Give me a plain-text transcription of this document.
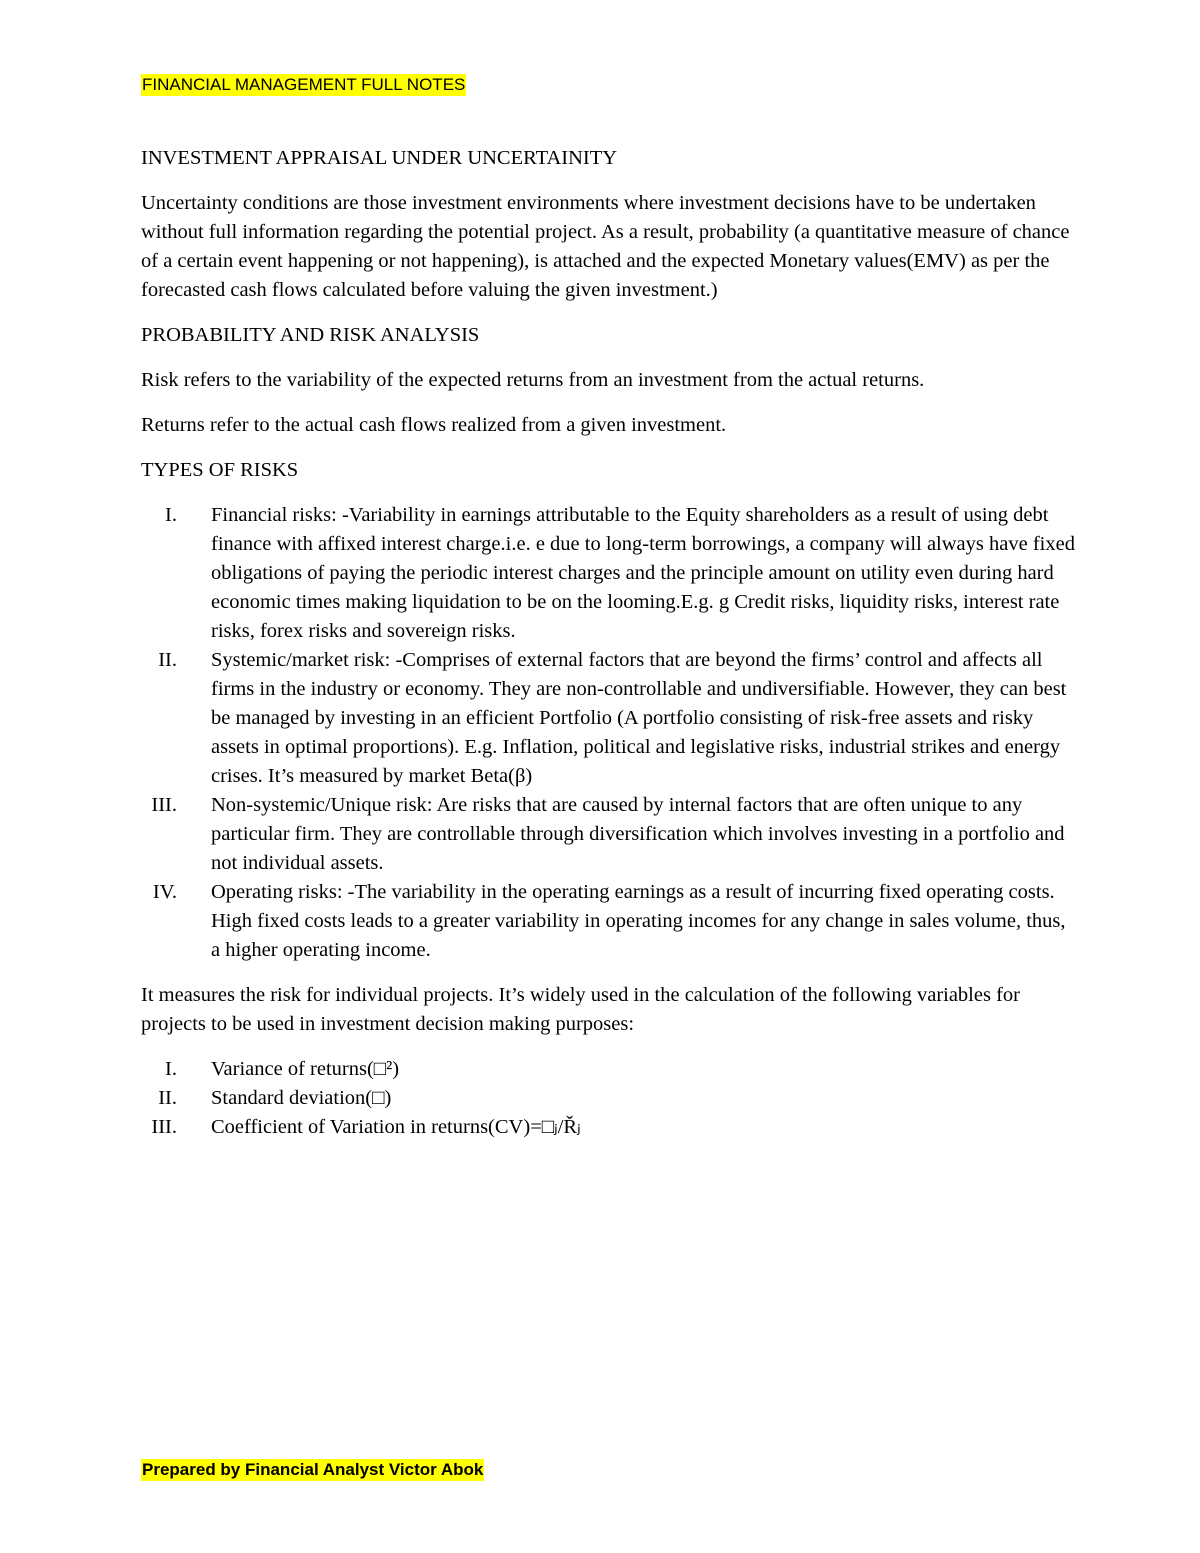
FINANCIAL MANAGEMENT FULL NOTES
INVESTMENT APPRAISAL UNDER UNCERTAINITY
Uncertainty conditions are those investment environments where investment decisions have to be undertaken without full information regarding the potential project. As a result, probability (a quantitative measure of chance of a certain event happening or not happening), is attached and the expected Monetary values(EMV) as per the forecasted cash flows calculated before valuing the given investment.)
PROBABILITY AND RISK ANALYSIS
Risk refers to the variability of the expected returns from an investment from the actual returns.
Returns refer to the actual cash flows realized from a given investment.
TYPES OF RISKS
I. Financial risks: -Variability in earnings attributable to the Equity shareholders as a result of using debt finance with affixed interest charge.i.e. e due to long-term borrowings, a company will always have fixed obligations of paying the periodic interest charges and the principle amount on utility even during hard economic times making liquidation to be on the looming.E.g. g Credit risks, liquidity risks, interest rate risks, forex risks and sovereign risks.
II. Systemic/market risk: -Comprises of external factors that are beyond the firms’ control and affects all firms in the industry or economy. They are non-controllable and undiversifiable. However, they can best be managed by investing in an efficient Portfolio (A portfolio consisting of risk-free assets and risky assets in optimal proportions). E.g. Inflation, political and legislative risks, industrial strikes and energy crises. It’s measured by market Beta(β)
III. Non-systemic/Unique risk: Are risks that are caused by internal factors that are often unique to any particular firm. They are controllable through diversification which involves investing in a portfolio and not individual assets.
IV. Operating risks: -The variability in the operating earnings as a result of incurring fixed operating costs. High fixed costs leads to a greater variability in operating incomes for any change in sales volume, thus, a higher operating income.
It measures the risk for individual projects. It’s widely used in the calculation of the following variables for projects to be used in investment decision making purposes:
I. Variance of returns(□²)
II. Standard deviation(□)
III. Coefficient of Variation in returns(CV)=□ⱼ/Řⱼ
Prepared by Financial Analyst Victor Abok
